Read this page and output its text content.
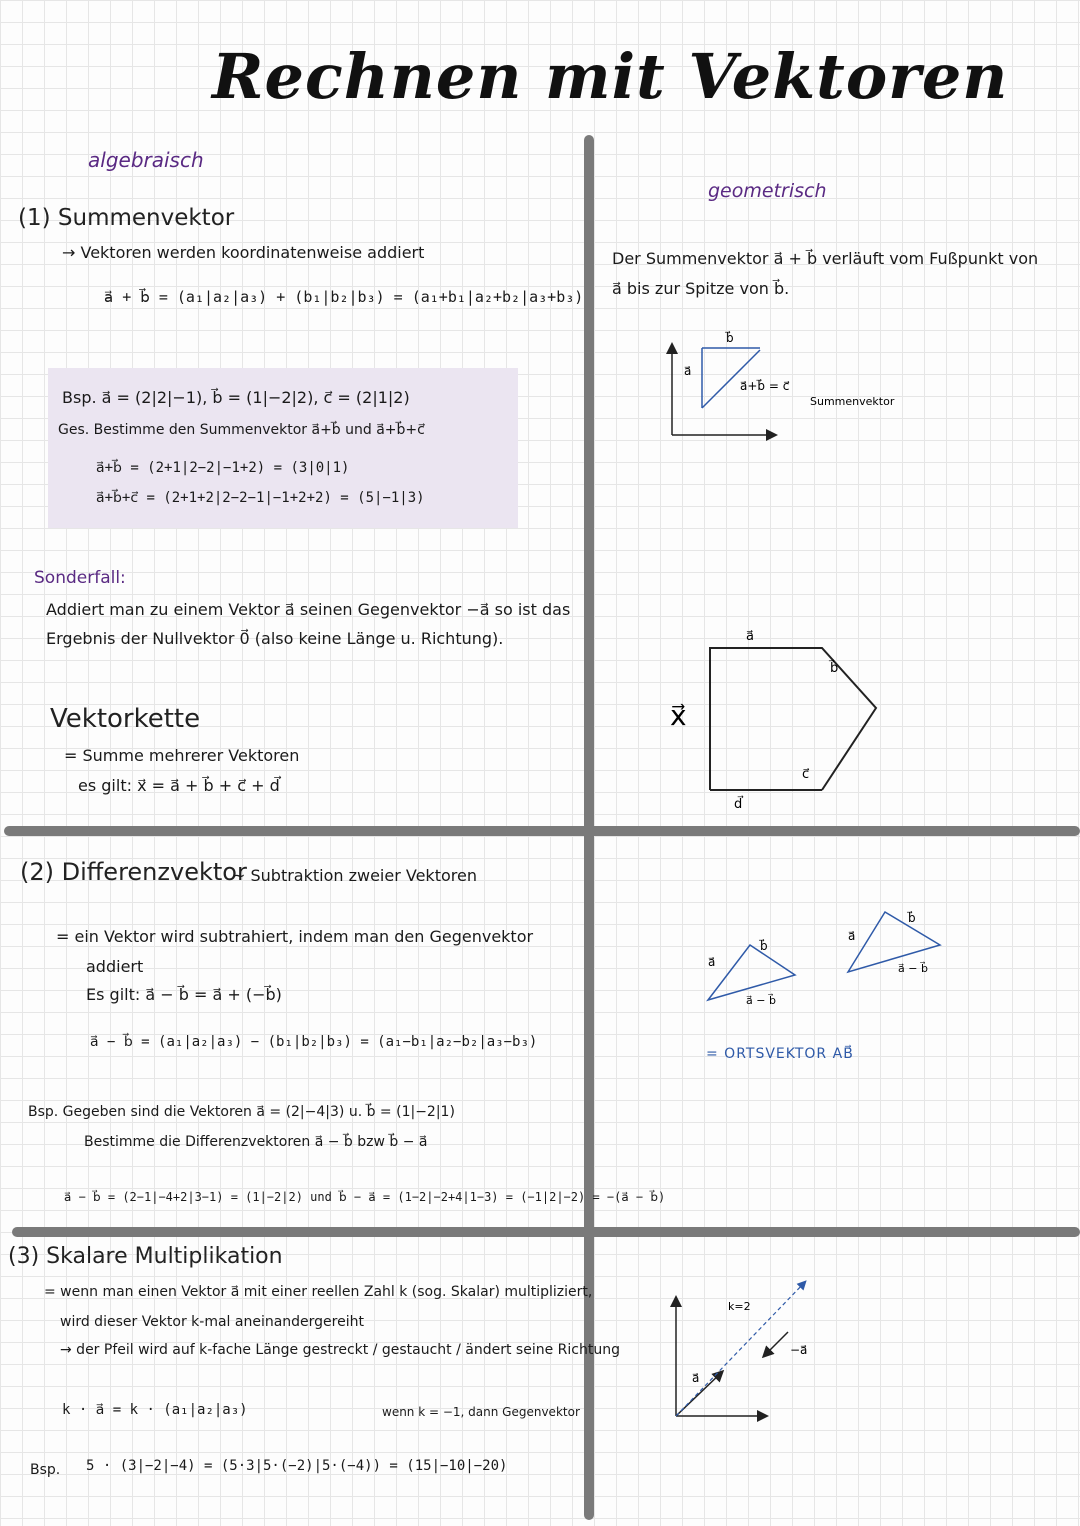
Rechnen mit Vektoren
algebraisch
geometrisch
(1) Summenvektor
→ Vektoren werden koordinatenweise addiert
a⃗ + b⃗ = (a₁|a₂|a₃) + (b₁|b₂|b₃) = (a₁+b₁|a₂+b₂|a₃+b₃)
Bsp. a⃗ = (2|2|−1), b⃗ = (1|−2|2), c⃗ = (2|1|2)
Ges. Bestimme den Summenvektor a⃗+b⃗ und a⃗+b⃗+c⃗
a⃗+b⃗ = (2+1|2−2|−1+2) = (3|0|1)
a⃗+b⃗+c⃗ = (2+1+2|2−2−1|−1+2+2) = (5|−1|3)
Der Summenvektor a⃗ + b⃗ verläuft vom Fußpunkt von a⃗ bis zur Spitze von b⃗.
a⃗
b⃗
a⃗+b⃗ = c⃗
Summenvektor
Sonderfall:
Addiert man zu einem Vektor a⃗ seinen Gegenvektor −a⃗ so ist das
Ergebnis der Nullvektor 0⃗ (also keine Länge u. Richtung).
Vektorkette
= Summe mehrerer Vektoren
es gilt: x⃗ = a⃗ + b⃗ + c⃗ + d⃗
x⃗
a⃗
b⃗
c⃗
d⃗
(2) Differenzvektor
~ Subtraktion zweier Vektoren
= ein Vektor wird subtrahiert, indem man den Gegenvektor
addiert
Es gilt: a⃗ − b⃗ = a⃗ + (−b⃗)
a⃗ − b⃗ = (a₁|a₂|a₃) − (b₁|b₂|b₃) = (a₁−b₁|a₂−b₂|a₃−b₃)
Bsp. Gegeben sind die Vektoren a⃗ = (2|−4|3) u. b⃗ = (1|−2|1)
Bestimme die Differenzvektoren a⃗ − b⃗ bzw b⃗ − a⃗
a⃗ − b⃗ = (2−1|−4+2|3−1) = (1|−2|2) und b⃗ − a⃗ = (1−2|−2+4|1−3) = (−1|2|−2) = −(a⃗ − b⃗)
a⃗
b⃗
a⃗ − b⃗
a⃗
b⃗
a⃗ − b⃗
= ORTSVEKTOR AB⃗
(3) Skalare Multiplikation
= wenn man einen Vektor a⃗ mit einer reellen Zahl k (sog. Skalar) multipliziert,
wird dieser Vektor k-mal aneinandergereiht
→ der Pfeil wird auf k-fache Länge gestreckt / gestaucht / ändert seine Richtung
k · a⃗ = k · (a₁|a₂|a₃)	wenn k = −1, dann Gegenvektor
Bsp. 5 · (3|−2|−4) = (5·3|5·(−2)|5·(−4)) = (15|−10|−20)
a⃗
k=2
−a⃗
